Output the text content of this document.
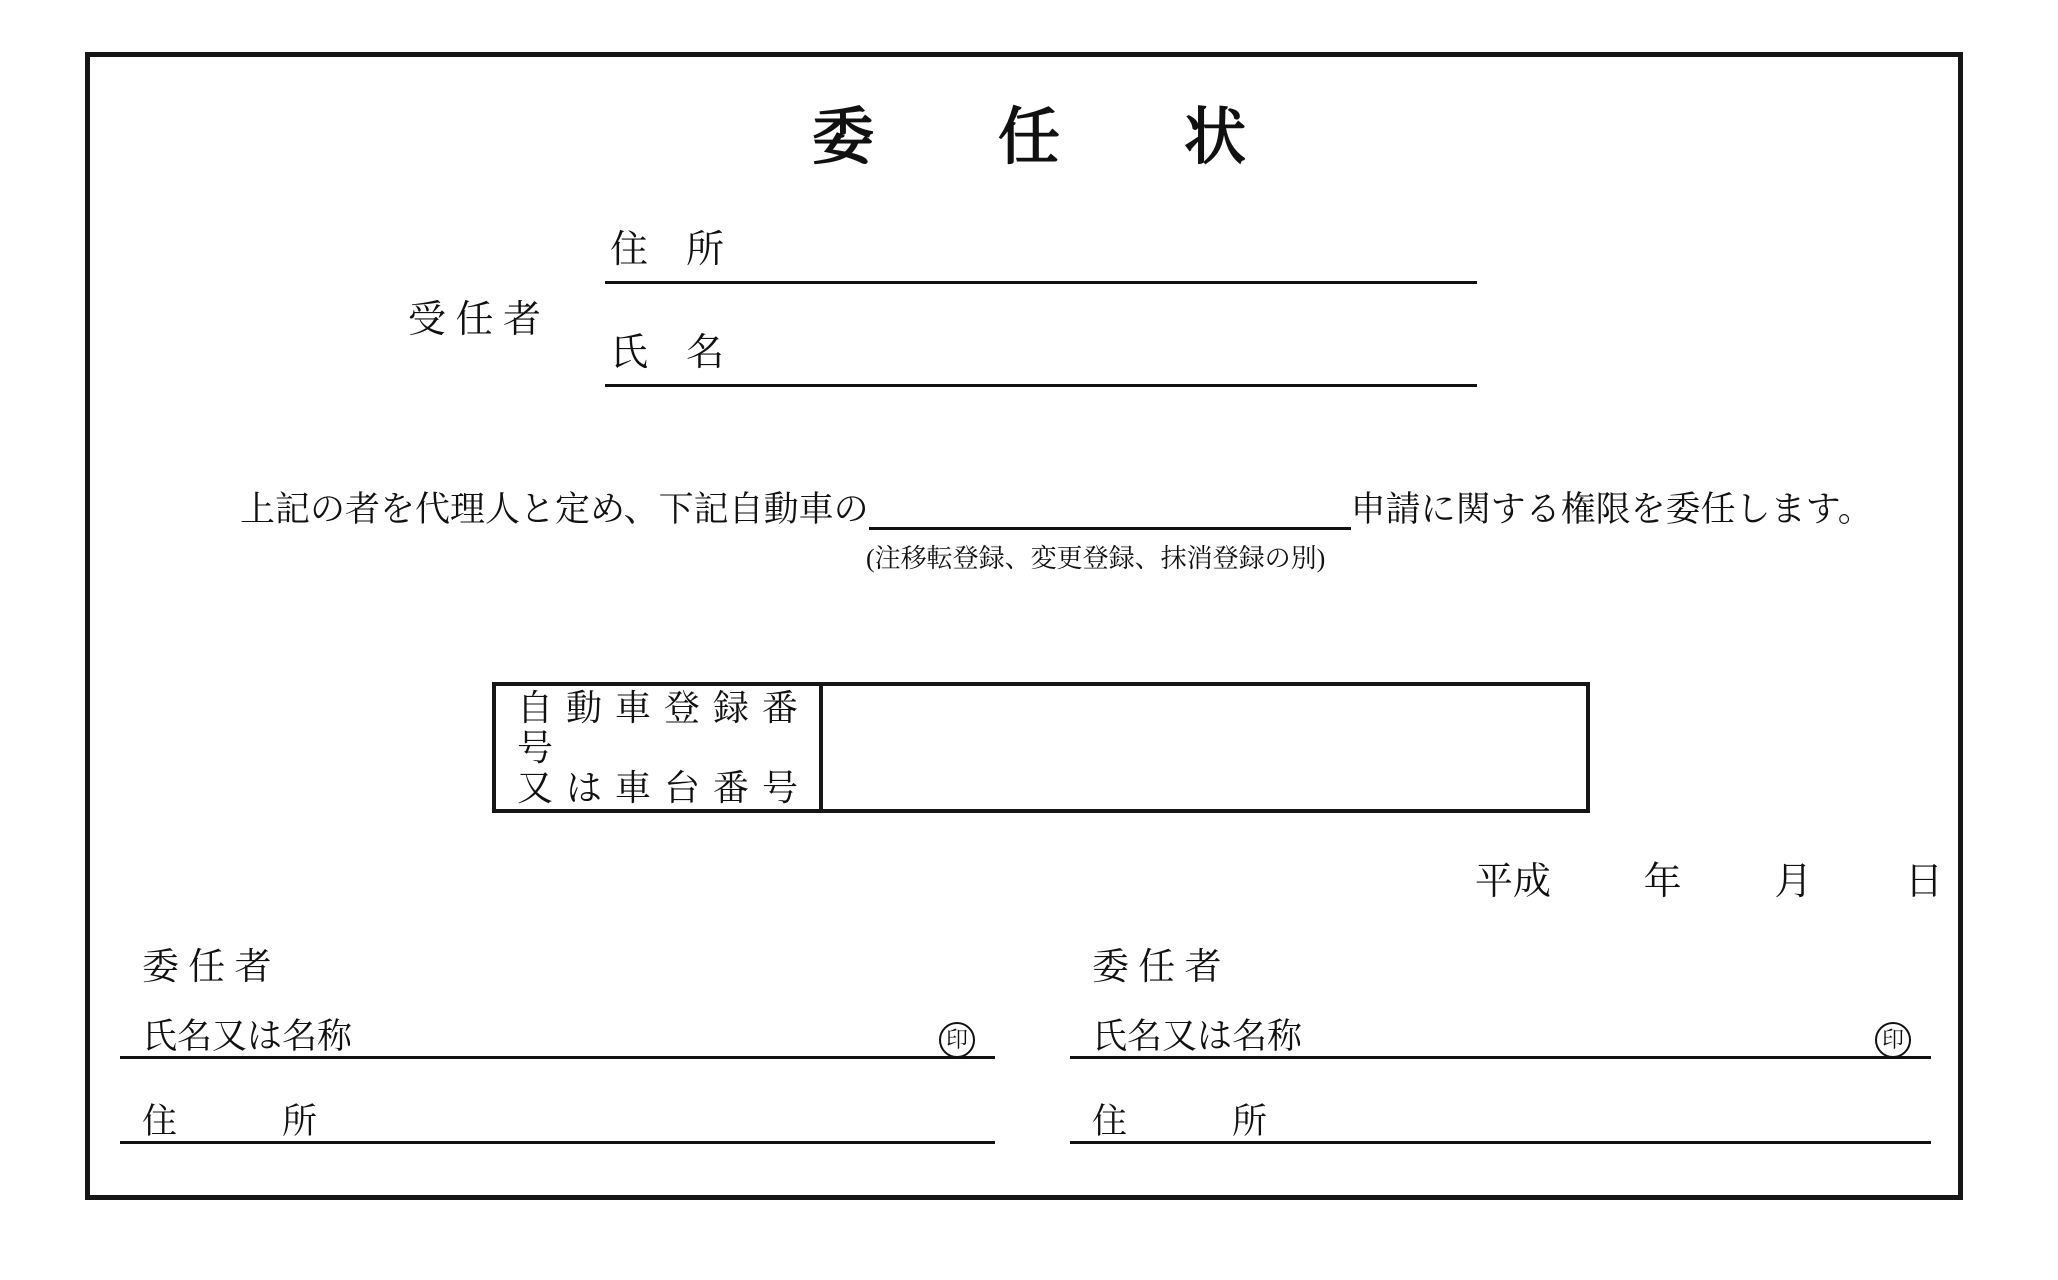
委　　任　　状
受 任 者
住　所
氏　名
上記の者を代理人と定め、下記自動車の	申請に関する権限を委任します。
(注移転登録、変更登録、抹消登録の別)
自 動 車 登 録 番 号
又 は 車 台 番 号
平成 年 月 日
委 任 者
氏名又は名称	印
住　　　所
委 任 者
氏名又は名称	印
住　　　所
